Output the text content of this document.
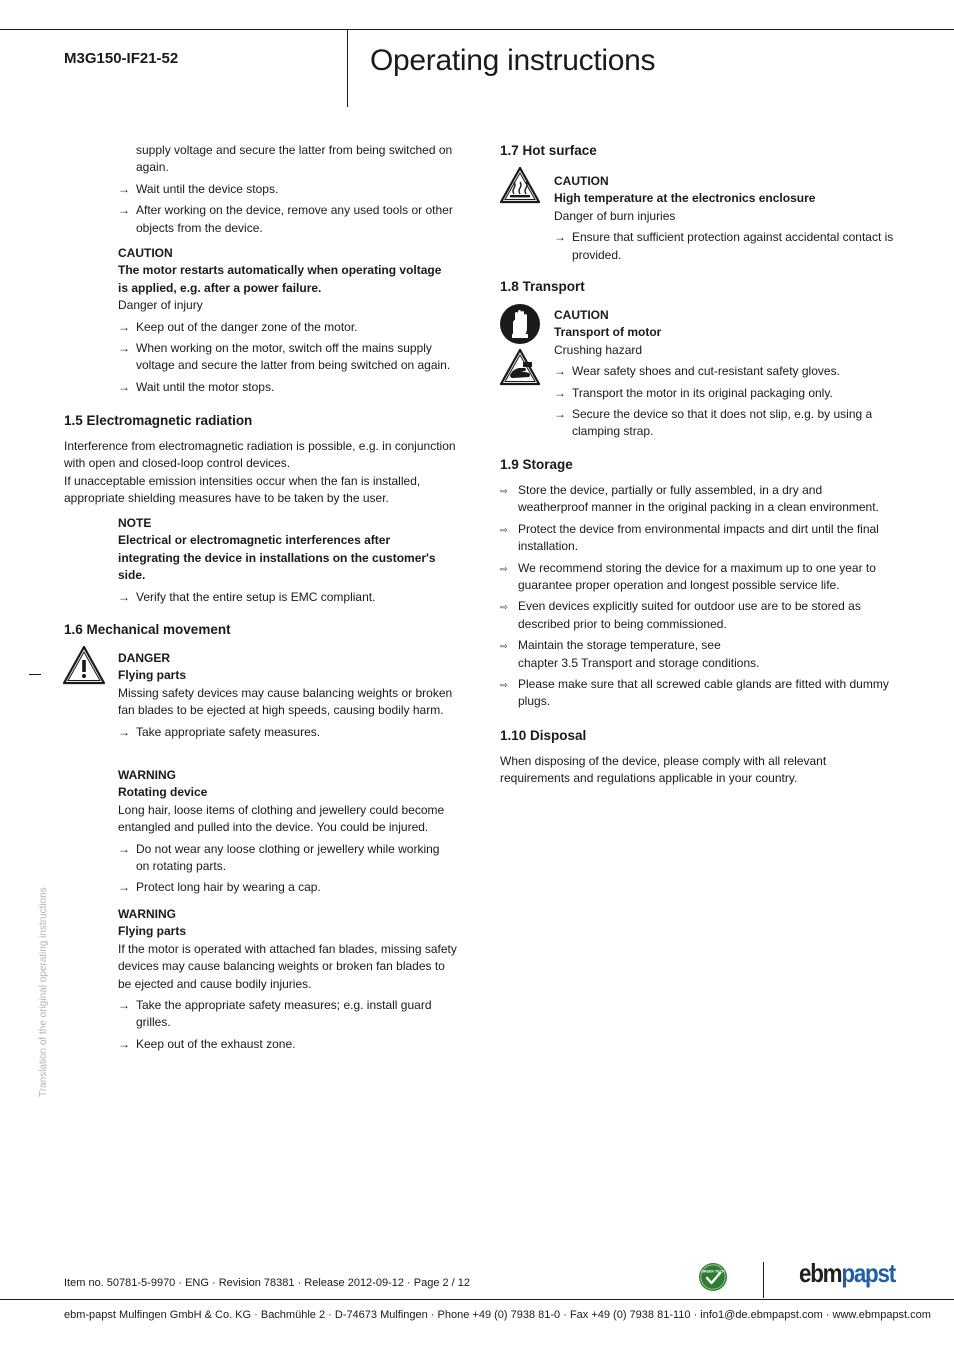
M3G150-IF21-52	Operating instructions
Translation of the original operating instructions

supply voltage and secure the latter from being switched on again.

→ Wait until the device stops.
→ After working on the device, remove any used tools or other objects from the device.

CAUTION

The motor restarts automatically when operating voltage is applied, e.g. after a power failure.

Danger of injury

→ Keep out of the danger zone of the motor.
→ When working on the motor, switch off the mains supply voltage and secure the latter from being switched on again.
→ Wait until the motor stops.
1.5 Electromagnetic radiation

Interference from electromagnetic radiation is possible, e.g. in conjunction with open and closed-loop control devices.

If unacceptable emission intensities occur when the fan is installed, appropriate shielding measures have to be taken by the user.

NOTE

Electrical or electromagnetic interferences after integrating the device in installations on the customer's side.

→ Verify that the entire setup is EMC compliant.
1.6 Mechanical movement

DANGER

Flying parts

Missing safety devices may cause balancing weights or broken fan blades to be ejected at high speeds, causing bodily harm.

→ Take appropriate safety measures.

WARNING

Rotating device

Long hair, loose items of clothing and jewellery could become entangled and pulled into the device. You could be injured.

→ Do not wear any loose clothing or jewellery while working on rotating parts.
→ Protect long hair by wearing a cap.

WARNING

Flying parts

If the motor is operated with attached fan blades, missing safety devices may cause balancing weights or broken fan blades to be ejected and cause bodily injuries.

→ Take the appropriate safety measures; e.g. install guard grilles.
→ Keep out of the exhaust zone.
1.7 Hot surface

CAUTION

High temperature at the electronics enclosure

Danger of burn injuries

→ Ensure that sufficient protection against accidental contact is provided.
1.8 Transport

CAUTION

Transport of motor

Crushing hazard

→ Wear safety shoes and cut-resistant safety gloves.
→ Transport the motor in its original packaging only.
→ Secure the device so that it does not slip, e.g. by using a clamping strap.
1.9 Storage
⇨ Store the device, partially or fully assembled, in a dry and weatherproof manner in the original packing in a clean environment.
⇨ Protect the device from environmental impacts and dirt until the final installation.
⇨ We recommend storing the device for a maximum up to one year to guarantee proper operation and longest possible service life.
⇨ Even devices explicitly suited for outdoor use are to be stored as described prior to being commissioned.
⇨ Maintain the storage temperature, see
chapter 3.5 Transport and storage conditions.
⇨ Please make sure that all screwed cable glands are fitted with dummy plugs.
1.10 Disposal
When disposing of the device, please comply with all relevant requirements and regulations applicable in your country.
Item no. 50781-5-9970 · ENG · Revision 78381 · Release 2012-09-12 · Page 2 / 12
GREEN TECH	ebmpapst
ebm-papst Mulfingen GmbH & Co. KG · Bachmühle 2 · D-74673 Mulfingen · Phone +49 (0) 7938 81-0 · Fax +49 (0) 7938 81-110 · info1@de.ebmpapst.com · www.ebmpapst.com
